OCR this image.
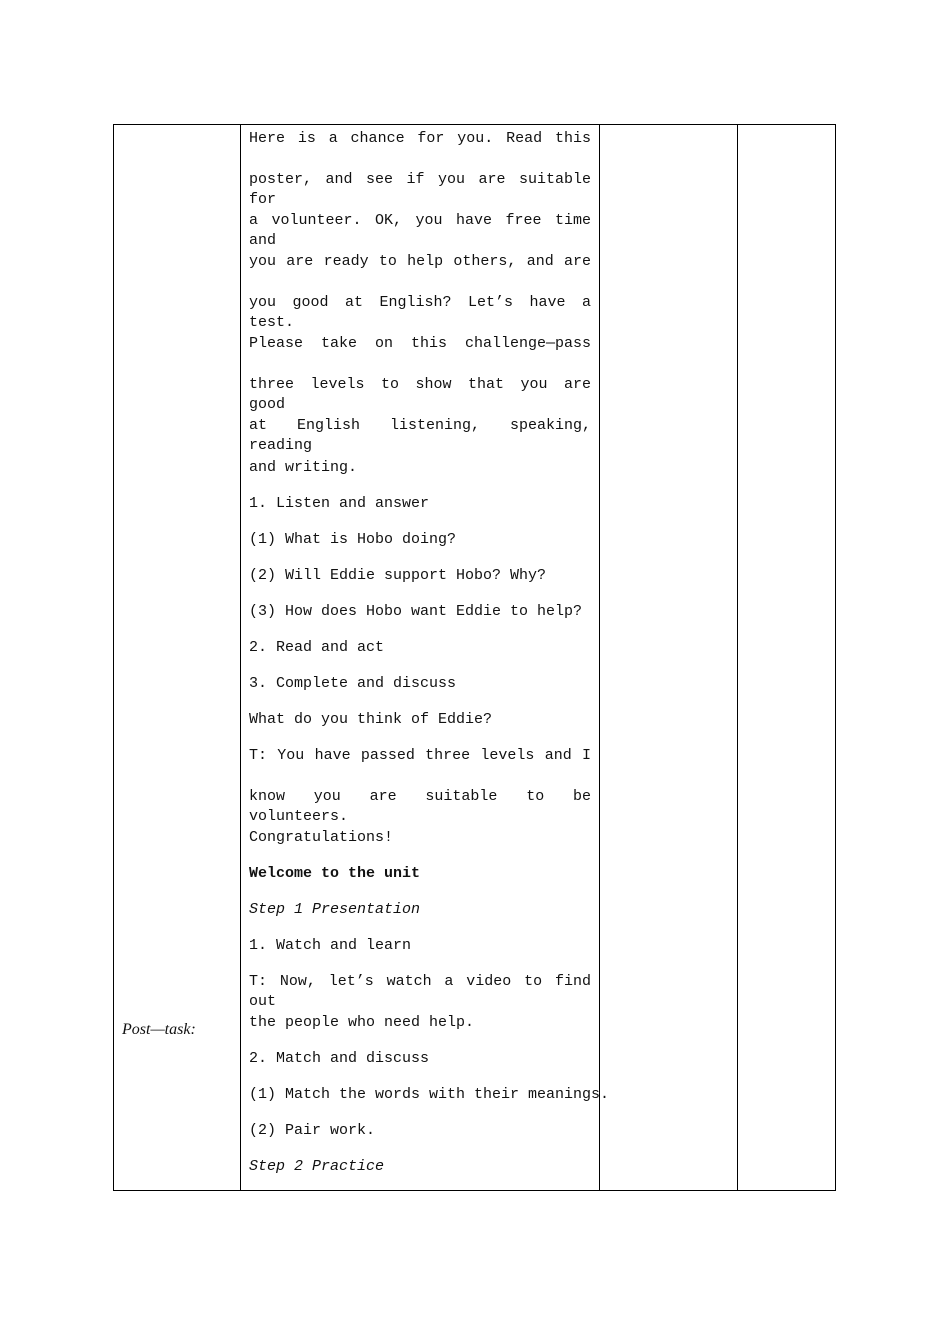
Post—task:
Here is a chance for you. Read this
poster, and see if you are suitable for
a volunteer. OK, you have free time and
you are ready to help others, and are
you good at English? Let’s have a test.
Please take on this challenge—pass
three levels to show that you are good
at English listening, speaking, reading
and writing.
1. Listen and answer
(1) What is Hobo doing?
(2) Will Eddie support Hobo? Why?
(3) How does Hobo want Eddie to help?
2. Read and act
3. Complete and discuss
What do you think of Eddie?
T: You have passed three levels and I
know you are suitable to be volunteers.
Congratulations!
Welcome to the unit
Step 1 Presentation
1. Watch and learn
T: Now, let’s watch a video to find out
the people who need help.
2. Match and discuss
(1) Match the words with their meanings.
(2) Pair work.
Step 2 Practice
